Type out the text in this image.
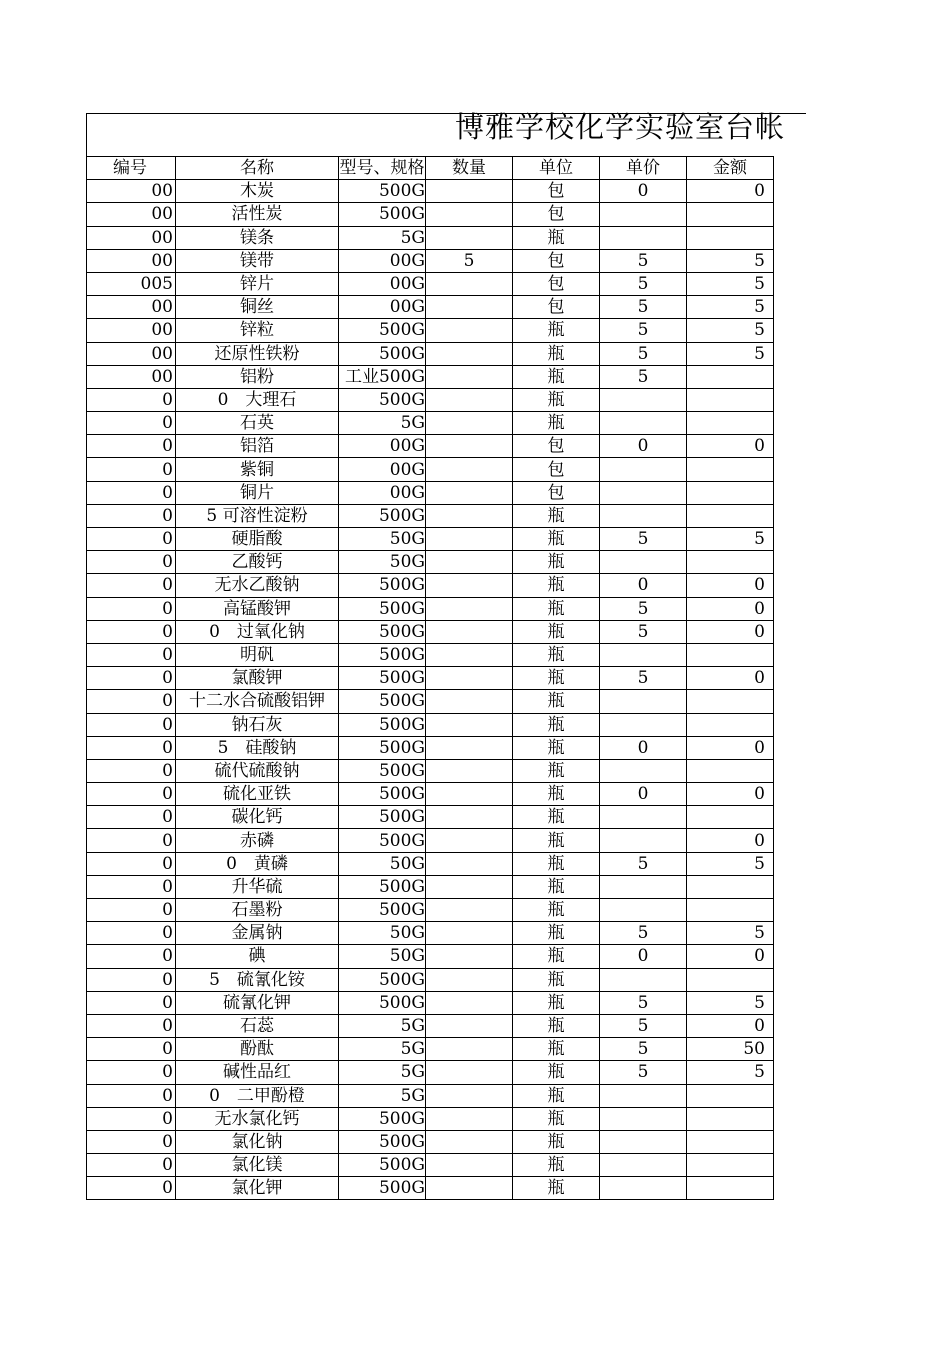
博雅学校化学实验室台帐
编号	名称	型号、规格	数量	单位	单价	金额
00	木炭	500G		包	0	0
00	活性炭	500G		包		
00	镁条	5G		瓶		
00	镁带	00G	5	包	5	5
005	锌片	00G		包	5	5
00	铜丝	00G		包	5	5
00	锌粒	500G		瓶	5	5
00	还原性铁粉	500G		瓶	5	5
00	铝粉	工业500G		瓶	5	
0	0　大理石	500G		瓶		
0	石英	5G		瓶		
0	铝箔	00G		包	0	0
0	紫铜	00G		包		
0	铜片	00G		包		
0	5 可溶性淀粉	500G		瓶		
0	硬脂酸	50G		瓶	5	5
0	乙酸钙	50G		瓶		
0	无水乙酸钠	500G		瓶	0	0
0	高锰酸钾	500G		瓶	5	0
0	0　过氧化钠	500G		瓶	5	0
0	明矾	500G		瓶		
0	氯酸钾	500G		瓶	5	0
0	十二水合硫酸铝钾	500G		瓶		
0	钠石灰	500G		瓶		
0	5　硅酸钠	500G		瓶	0	0
0	硫代硫酸钠	500G		瓶		
0	硫化亚铁	500G		瓶	0	0
0	碳化钙	500G		瓶		
0	赤磷	500G		瓶		0
0	0　黄磷	50G		瓶	5	5
0	升华硫	500G		瓶		
0	石墨粉	500G		瓶		
0	金属钠	50G		瓶	5	5
0	碘	50G		瓶	0	0
0	5　硫氰化铵	500G		瓶		
0	硫氰化钾	500G		瓶	5	5
0	石蕊	5G		瓶	5	0
0	酚酞	5G		瓶	5	50
0	碱性品红	5G		瓶	5	5
0	0　二甲酚橙	5G		瓶		
0	无水氯化钙	500G		瓶		
0	氯化钠	500G		瓶		
0	氯化镁	500G		瓶		
0	氯化钾	500G		瓶		
